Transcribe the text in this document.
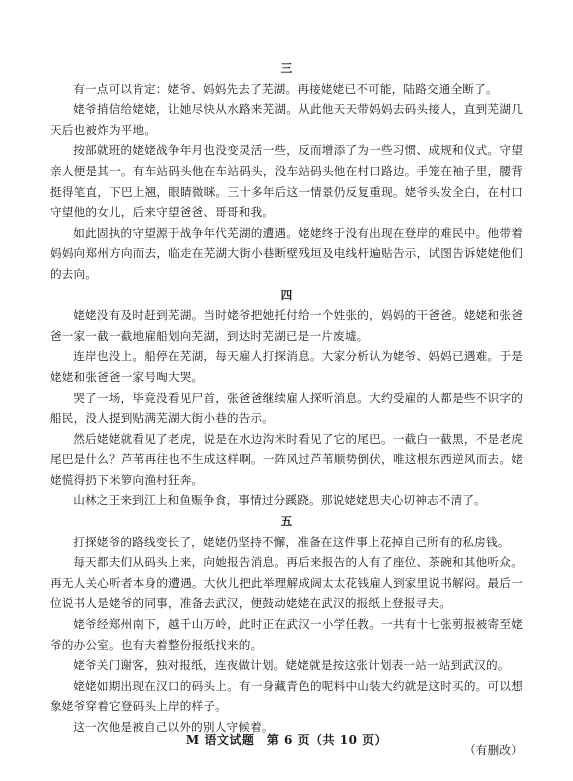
三

有一点可以肯定：姥爷、妈妈先去了芜湖。再接姥姥已不可能，陆路交通全断了。

姥爷捎信给姥姥，让她尽快从水路来芜湖。从此他天天带妈妈去码头接人，直到芜湖几天后也被炸为平地。

按部就班的姥姥战争年月也没变灵活一些，反而增添了为一些习惯、成规和仪式。守望亲人便是其一。有车站码头他在车站码头，没车站码头他在村口路边。手笼在袖子里，腰背挺得笔直，下巴上翘，眼睛微眯。三十多年后这一情景仍反复重现。姥爷头发全白，在村口守望他的女儿，后来守望爸爸、哥哥和我。

如此固执的守望源于战争年代芜湖的遭遇。姥姥终于没有出现在登岸的难民中。他带着妈妈向郑州方向而去，临走在芜湖大街小巷断壁残垣及电线杆遍贴告示，试图告诉姥姥他们的去向。

四

姥姥没有及时赶到芜湖。当时姥爷把她托付给一个姓张的，妈妈的干爸爸。姥姥和张爸爸一家一截一截地雇船划向芜湖，到达时芜湖已是一片废墟。

连岸也没上。船停在芜湖，每天雇人打探消息。大家分析认为姥爷、妈妈已遇难。于是姥姥和张爸爸一家号啕大哭。

哭了一场，毕竟没看见尸首，张爸爸继续雇人探听消息。大约受雇的人都是些不识字的船民，没人提到贴满芜湖大街小巷的告示。

然后姥姥就看见了老虎，说是在水边沟米时看见了它的尾巴。一截白一截黑，不是老虎尾巴是什么？芦苇再往也不生成这样啊。一阵风过芦苇顺势倒伏，唯这根东西逆风而去。姥姥慌得扔下米箩向渔村狂奔。

山林之王来到江上和鱼赈争食，事情过分蹊跷。那说姥姥思夫心切神志不清了。

五

打探姥爷的路线变长了，姥姥仍坚持不懈，准备在这件事上花掉自己所有的私房钱。

每天都夫们从码头上来，向她报告消息。再后来报告的人有了座位、茶碗和其他听众。再无人关心听者本身的遭遇。大伙儿把此举理解成阔太太花钱雇人到家里说书解闷。最后一位说书人是姥爷的同事，准备去武汉，便鼓动姥姥在武汉的报纸上登报寻夫。

姥爷经郑州南下，越千山万岭，此时正在武汉一小学任教。一共有十七张剪报被寄至姥爷的办公室。也有夫着整份报纸找来的。

姥爷关门谢客，独对报纸，连夜做计划。姥姥就是按这张计划表一站一站到武汉的。

姥姥如期出现在汉口的码头上。有一身藏青色的呢料中山装大约就是这时买的。可以想象姥爷穿着它登码头上岸的样子。

这一次他是被自己以外的别人守候着。

（有删改）

M 语文试题　第 6 页（共 10 页）
